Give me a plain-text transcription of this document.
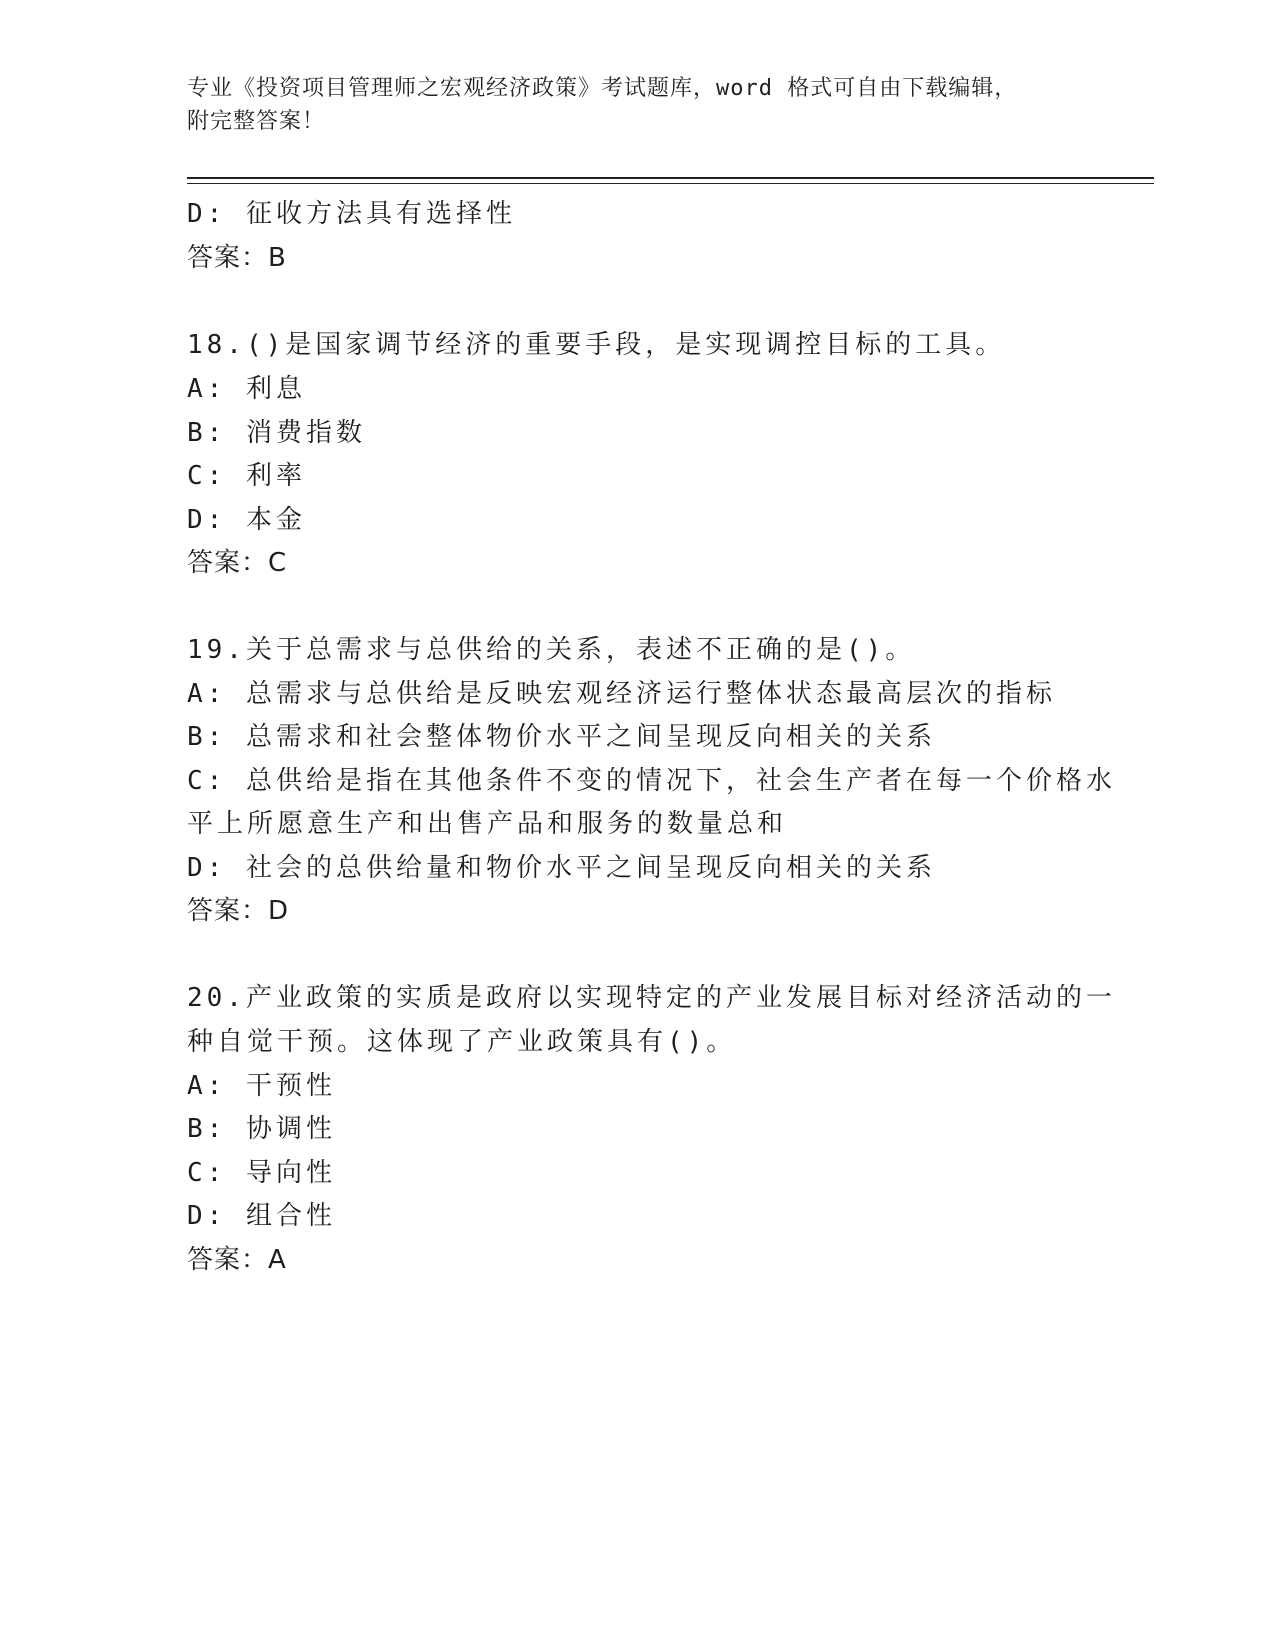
专业《投资项目管理师之宏观经济政策》考试题库，word 格式可自由下载编辑，
附完整答案！
D: 征收方法具有选择性
答案：B
18.()是国家调节经济的重要手段，是实现调控目标的工具。
A: 利息
B: 消费指数
C: 利率
D: 本金
答案：C
19.关于总需求与总供给的关系，表述不正确的是()。
A: 总需求与总供给是反映宏观经济运行整体状态最高层次的指标
B: 总需求和社会整体物价水平之间呈现反向相关的关系
C: 总供给是指在其他条件不变的情况下，社会生产者在每一个价格水
平上所愿意生产和出售产品和服务的数量总和
D: 社会的总供给量和物价水平之间呈现反向相关的关系
答案：D
20.产业政策的实质是政府以实现特定的产业发展目标对经济活动的一
种自觉干预。这体现了产业政策具有()。
A: 干预性
B: 协调性
C: 导向性
D: 组合性
答案：A
